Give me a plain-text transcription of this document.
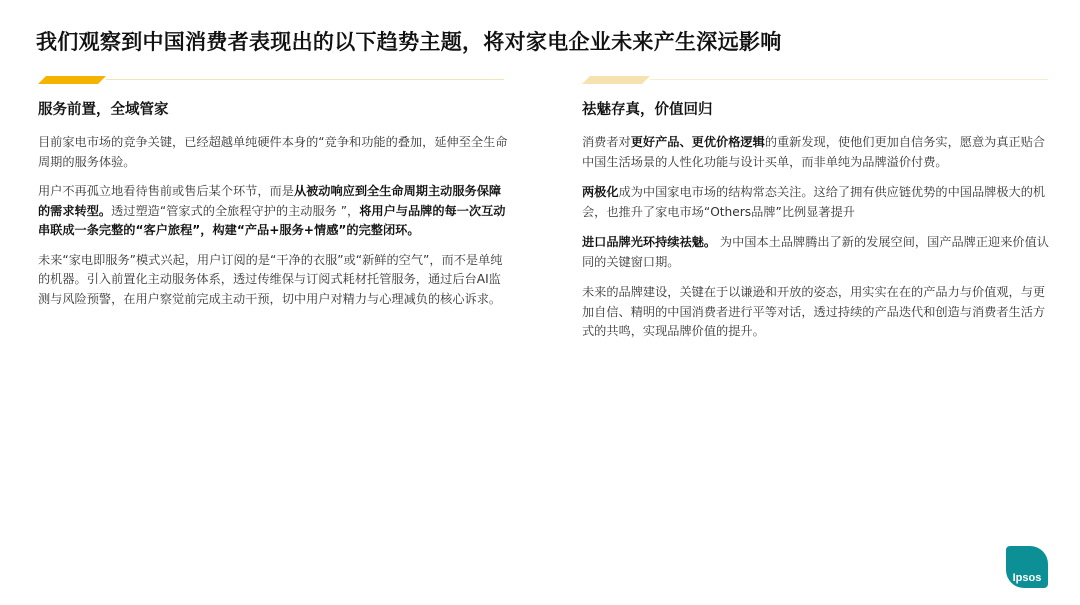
我们观察到中国消费者表现出的以下趋势主题，将对家电企业未来产生深远影响
服务前置，全域管家

目前家电市场的竞争关键，已经超越单纯硬件本身的“竞争和功能的叠加，延伸至全生命周期的服务体验。

用户不再孤立地看待售前或售后某个环节，而是从被动响应到全生命周期主动服务保障的需求转型。透过塑造“管家式的全旅程守护的主动服务 ”，将用户与品牌的每一次互动串联成一条完整的“客户旅程”，构建“产品+服务+情感”的完整闭环。

未来“家电即服务”模式兴起，用户订阅的是“干净的衣服”或“新鲜的空气”，而不是单纯的机器。引入前置化主动服务体系，透过传维保与订阅式耗材托管服务，通过后台AI监测与风险预警，在用户察觉前完成主动干预，切中用户对精力与心理减负的核心诉求。

祛魅存真，价值回归

消费者对更好产品、更优价格逻辑的重新发现，使他们更加自信务实，愿意为真正贴合中国生活场景的人性化功能与设计买单，而非单纯为品牌溢价付费。

两极化成为中国家电市场的结构常态关注。这给了拥有供应链优势的中国品牌极大的机会，也推升了家电市场“Others品牌”比例显著提升

进口品牌光环持续祛魅。 为中国本土品牌腾出了新的发展空间，国产品牌正迎来价值认同的关键窗口期。

未来的品牌建设，关键在于以谦逊和开放的姿态，用实实在在的产品力与价值观，与更加自信、精明的中国消费者进行平等对话，透过持续的产品迭代和创造与消费者生活方式的共鸣，实现品牌价值的提升。

Ipsos
